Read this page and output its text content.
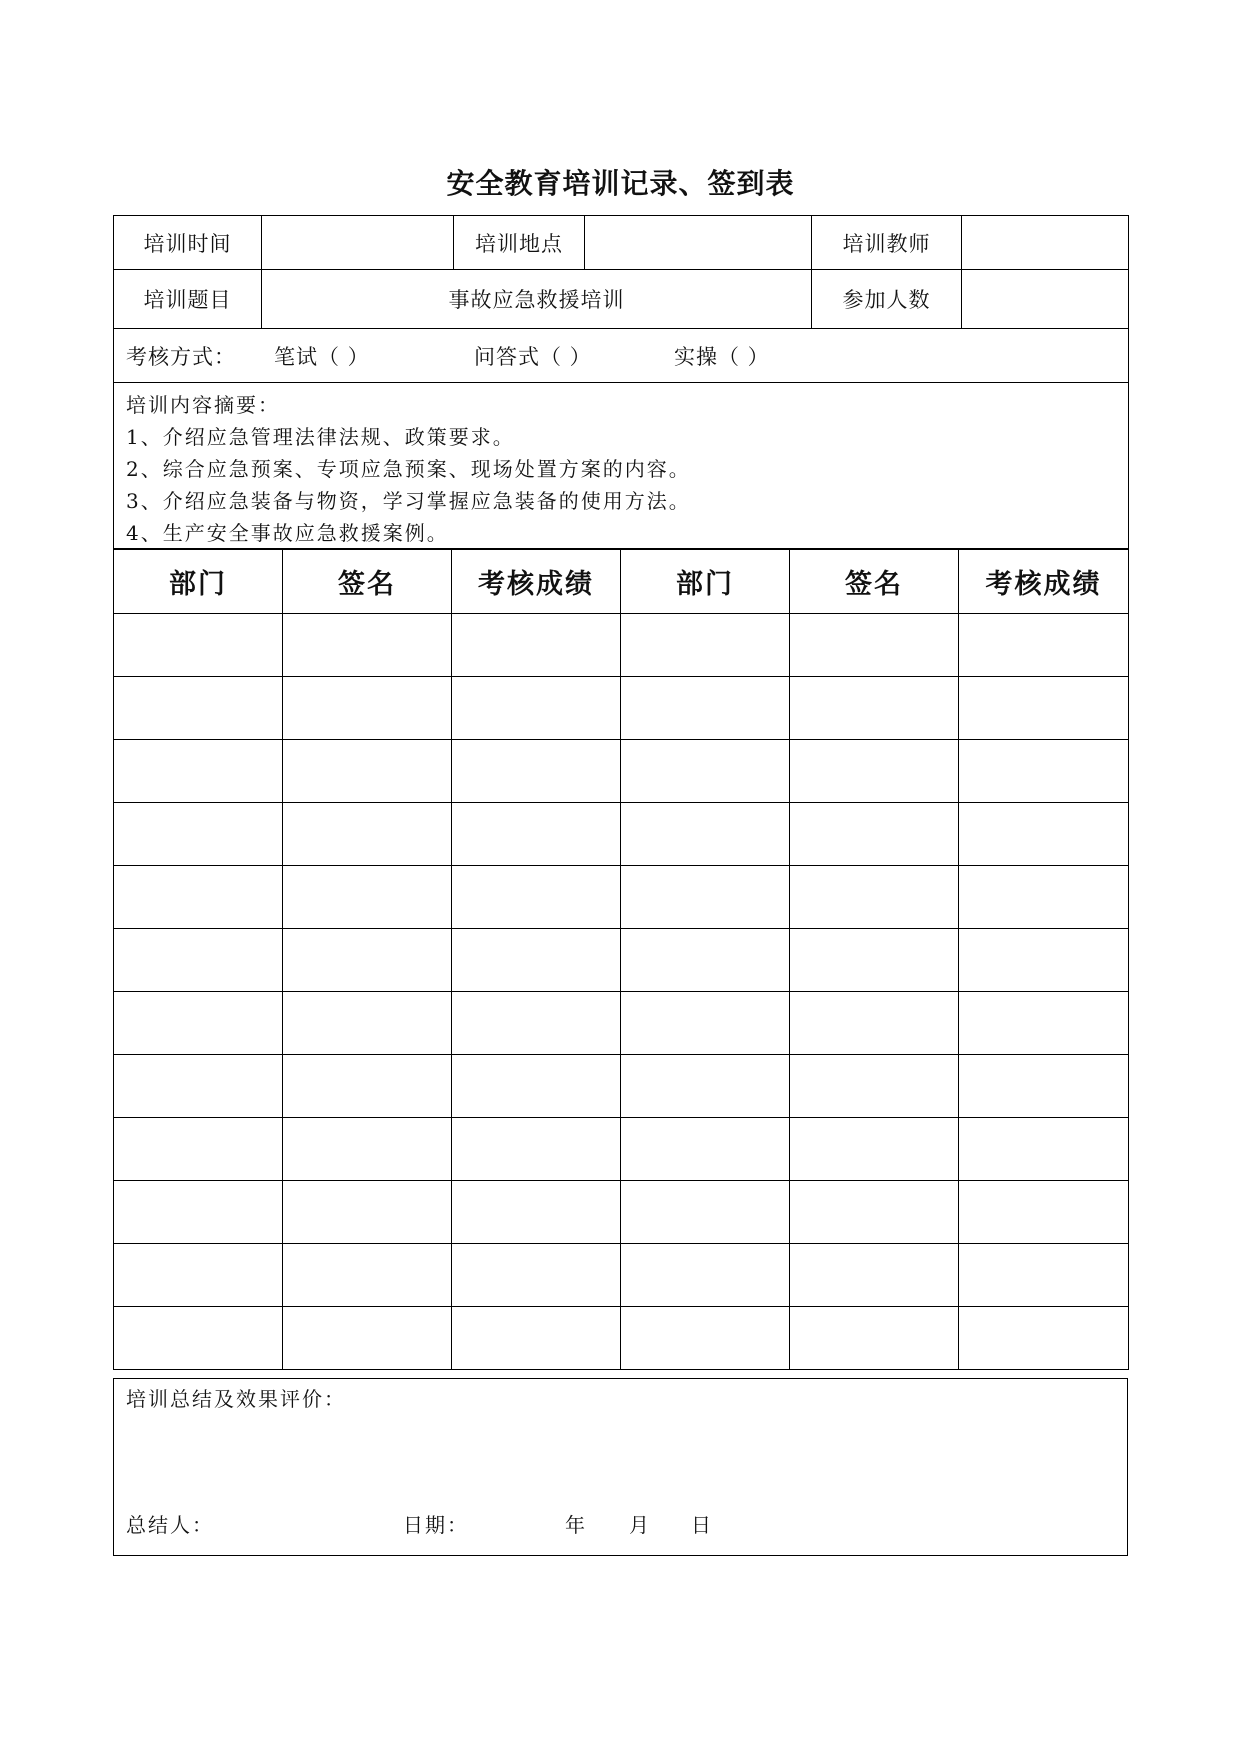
安全教育培训记录、签到表
培训时间		培训地点		培训教师	
培训题目	事故应急救援培训			参加人数	
考核方式： 笔试（ ） 问答式（ ） 实操（ ）					

培训内容摘要：
1、介绍应急管理法律法规、政策要求。
2、综合应急预案、专项应急预案、现场处置方案的内容。
3、介绍应急装备与物资，学习掌握应急装备的使用方法。
4、生产安全事故应急救援案例。					
部门	签名	考核成绩	部门	签名	考核成绩

培训总结及效果评价：
总结人：	日期：	年 月 日
